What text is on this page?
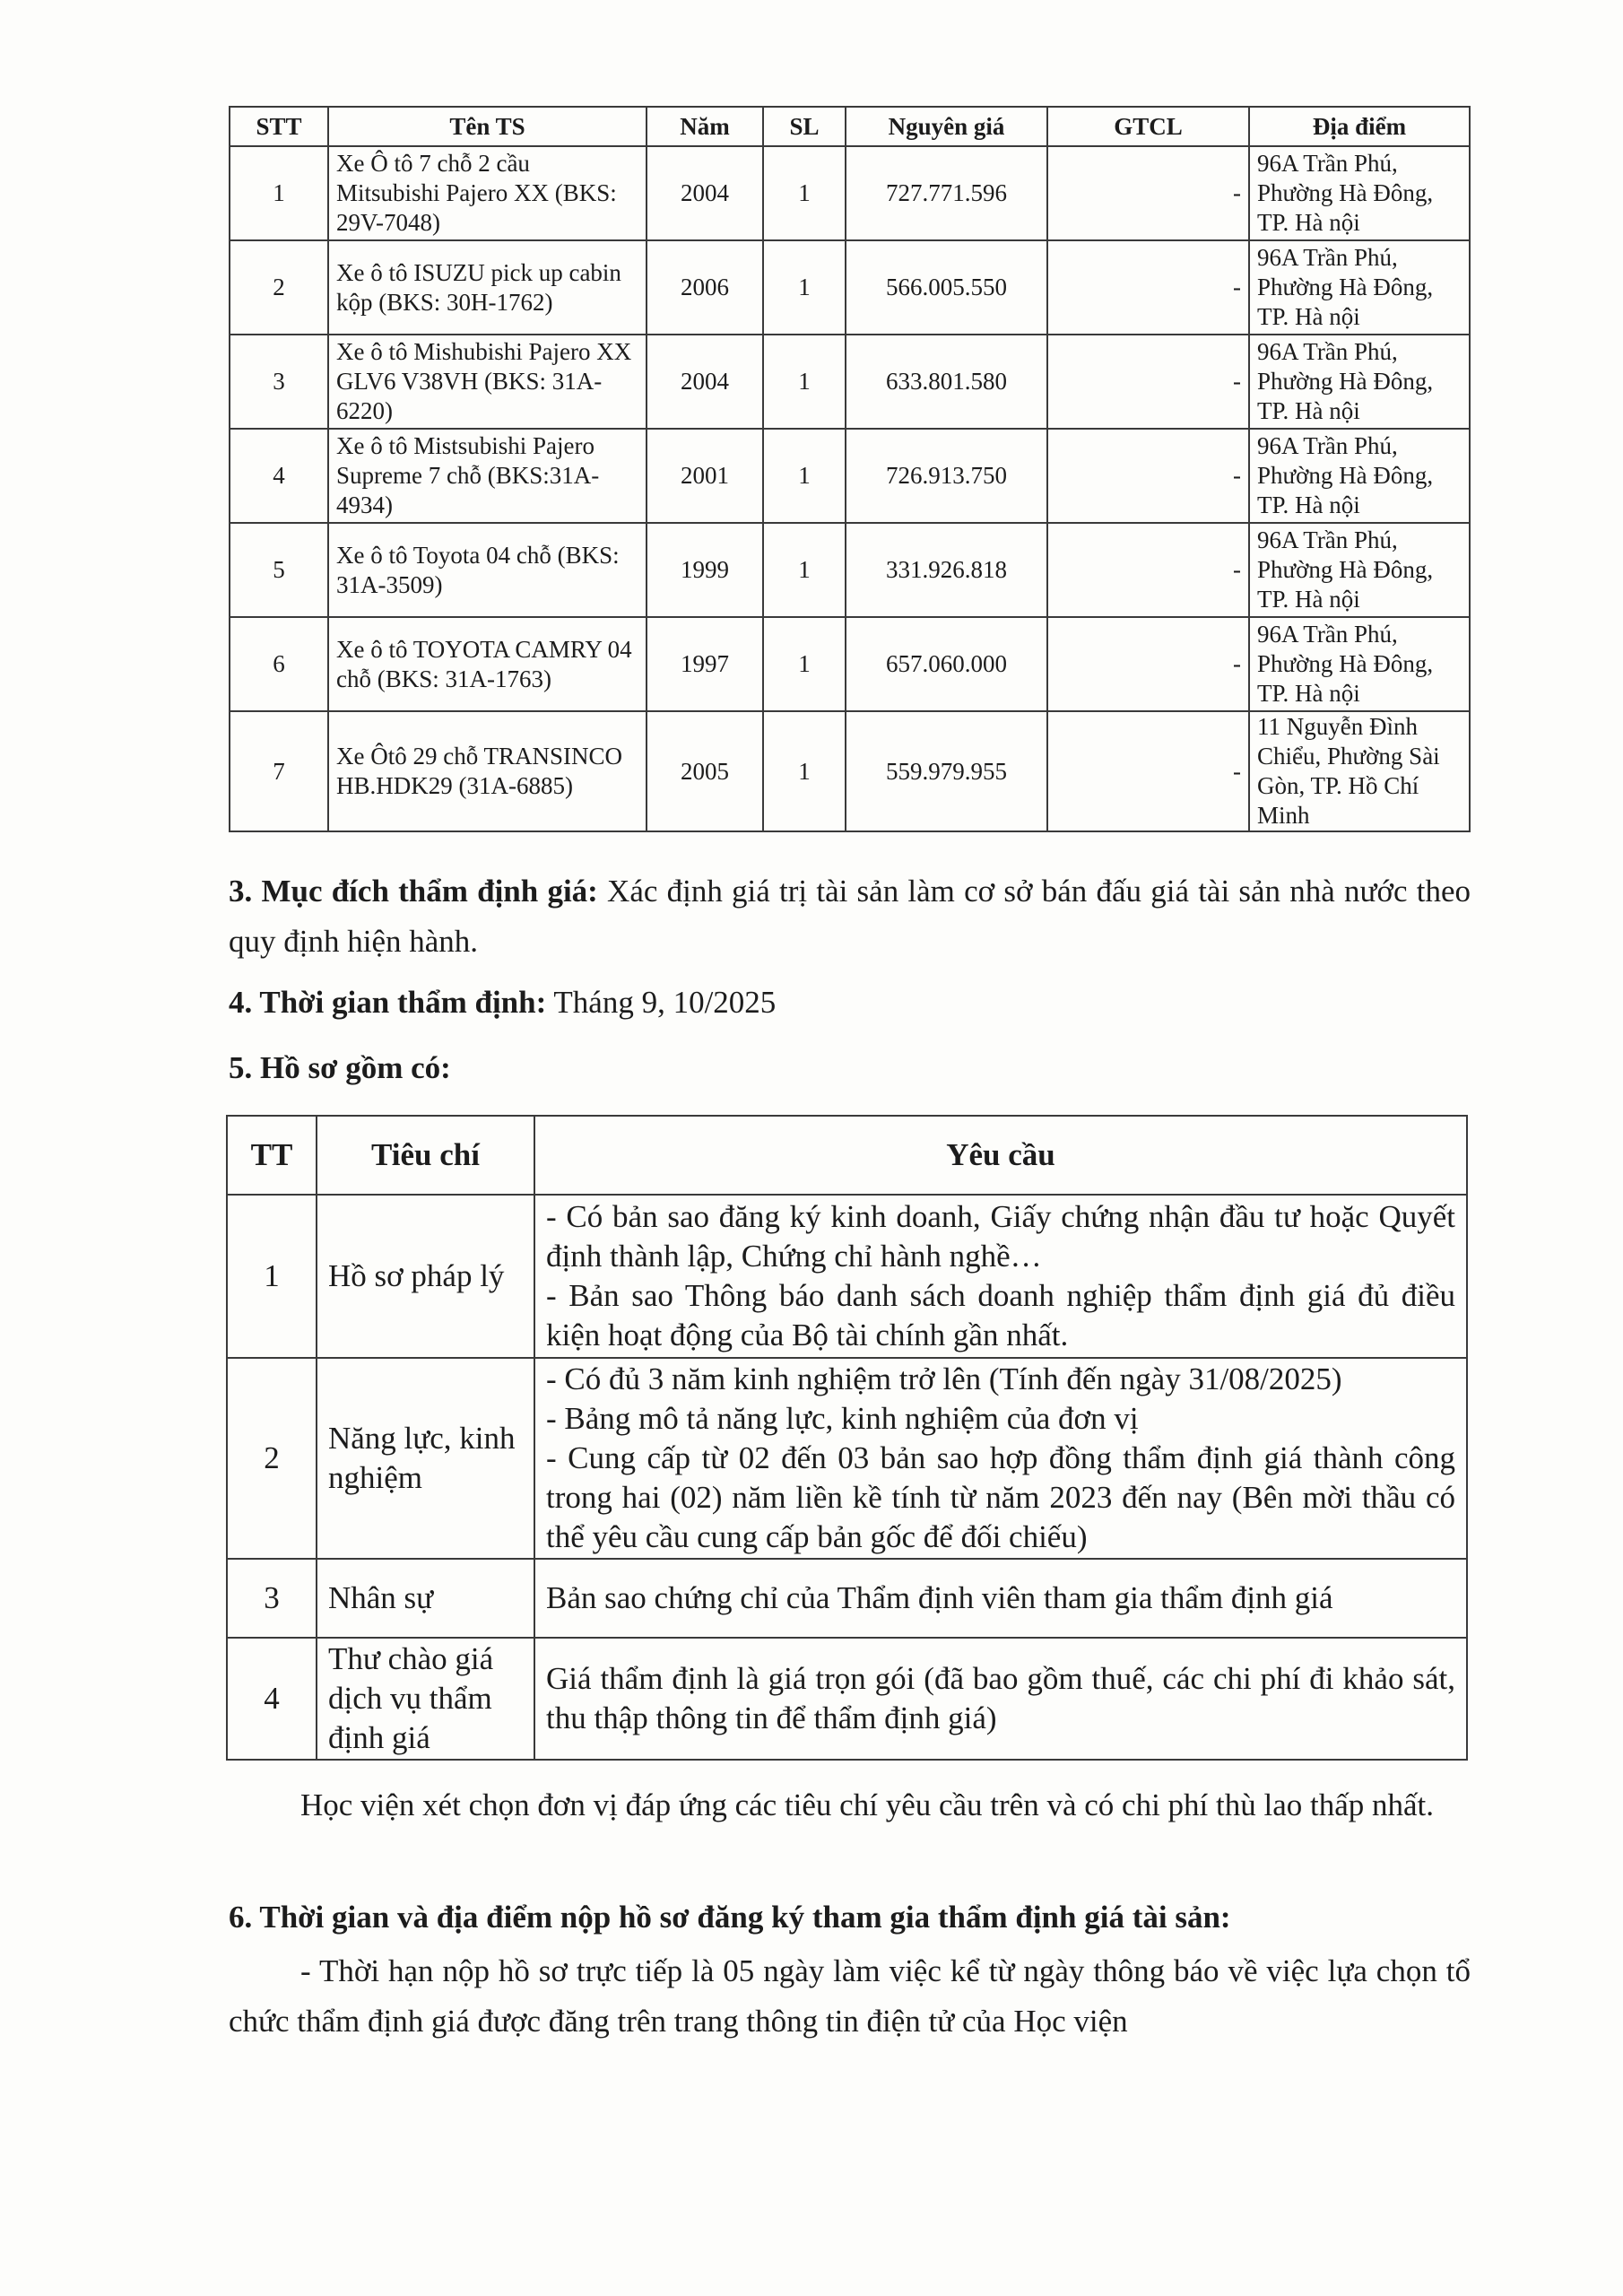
STT	Tên TS	Năm	SL	Nguyên giá	GTCL	Địa điểm
1	Xe Ô tô 7 chỗ 2 cầu Mitsubishi Pajero XX (BKS: 29V-7048)	2004	1	727.771.596	-	96A Trần Phú, Phường Hà Đông, TP. Hà nội
2	Xe ô tô ISUZU pick up cabin kộp (BKS: 30H-1762)	2006	1	566.005.550	-	96A Trần Phú, Phường Hà Đông, TP. Hà nội
3	Xe ô tô Mishubishi Pajero XX GLV6 V38VH (BKS: 31A-6220)	2004	1	633.801.580	-	96A Trần Phú, Phường Hà Đông, TP. Hà nội
4	Xe ô tô Mistsubishi Pajero Supreme 7 chỗ (BKS:31A-4934)	2001	1	726.913.750	-	96A Trần Phú, Phường Hà Đông, TP. Hà nội
5	Xe ô tô Toyota 04 chỗ (BKS: 31A-3509)	1999	1	331.926.818	-	96A Trần Phú, Phường Hà Đông, TP. Hà nội
6	Xe ô tô TOYOTA CAMRY 04 chỗ (BKS: 31A-1763)	1997	1	657.060.000	-	96A Trần Phú, Phường Hà Đông, TP. Hà nội
7	Xe Ôtô 29 chỗ TRANSINCO HB.HDK29 (31A-6885)	2005	1	559.979.955	-	11 Nguyễn Đình Chiểu, Phường Sài Gòn, TP. Hồ Chí Minh
3. Mục đích thẩm định giá: Xác định giá trị tài sản làm cơ sở bán đấu giá tài sản nhà nước theo quy định hiện hành.
4. Thời gian thẩm định: Tháng 9, 10/2025
5. Hồ sơ gồm có:
TT	Tiêu chí	Yêu cầu
1	Hồ sơ pháp lý	- Có bản sao đăng ký kinh doanh, Giấy chứng nhận đầu tư hoặc Quyết định thành lập, Chứng chỉ hành nghề…
- Bản sao Thông báo danh sách doanh nghiệp thẩm định giá đủ điều kiện hoạt động của Bộ tài chính gần nhất.

2	Năng lực, kinh nghiệm	- Có đủ 3 năm kinh nghiệm trở lên (Tính đến ngày 31/08/2025)
- Bảng mô tả năng lực, kinh nghiệm của đơn vị
- Cung cấp từ 02 đến 03 bản sao hợp đồng thẩm định giá thành công trong hai (02) năm liền kề tính từ năm 2023 đến nay (Bên mời thầu có thể yêu cầu cung cấp bản gốc để đối chiếu)

3	Nhân sự	Bản sao chứng chỉ của Thẩm định viên tham gia thẩm định giá

4	Thư chào giá dịch vụ thẩm định giá	Giá thẩm định là giá trọn gói (đã bao gồm thuế, các chi phí đi khảo sát, thu thập thông tin để thẩm định giá)
Học viện xét chọn đơn vị đáp ứng các tiêu chí yêu cầu trên và có chi phí thù lao thấp nhất.
6. Thời gian và địa điểm nộp hồ sơ đăng ký tham gia thẩm định giá tài sản:
- Thời hạn nộp hồ sơ trực tiếp là 05 ngày làm việc kể từ ngày thông báo về việc lựa chọn tổ chức thẩm định giá được đăng trên trang thông tin điện tử của Học viện
